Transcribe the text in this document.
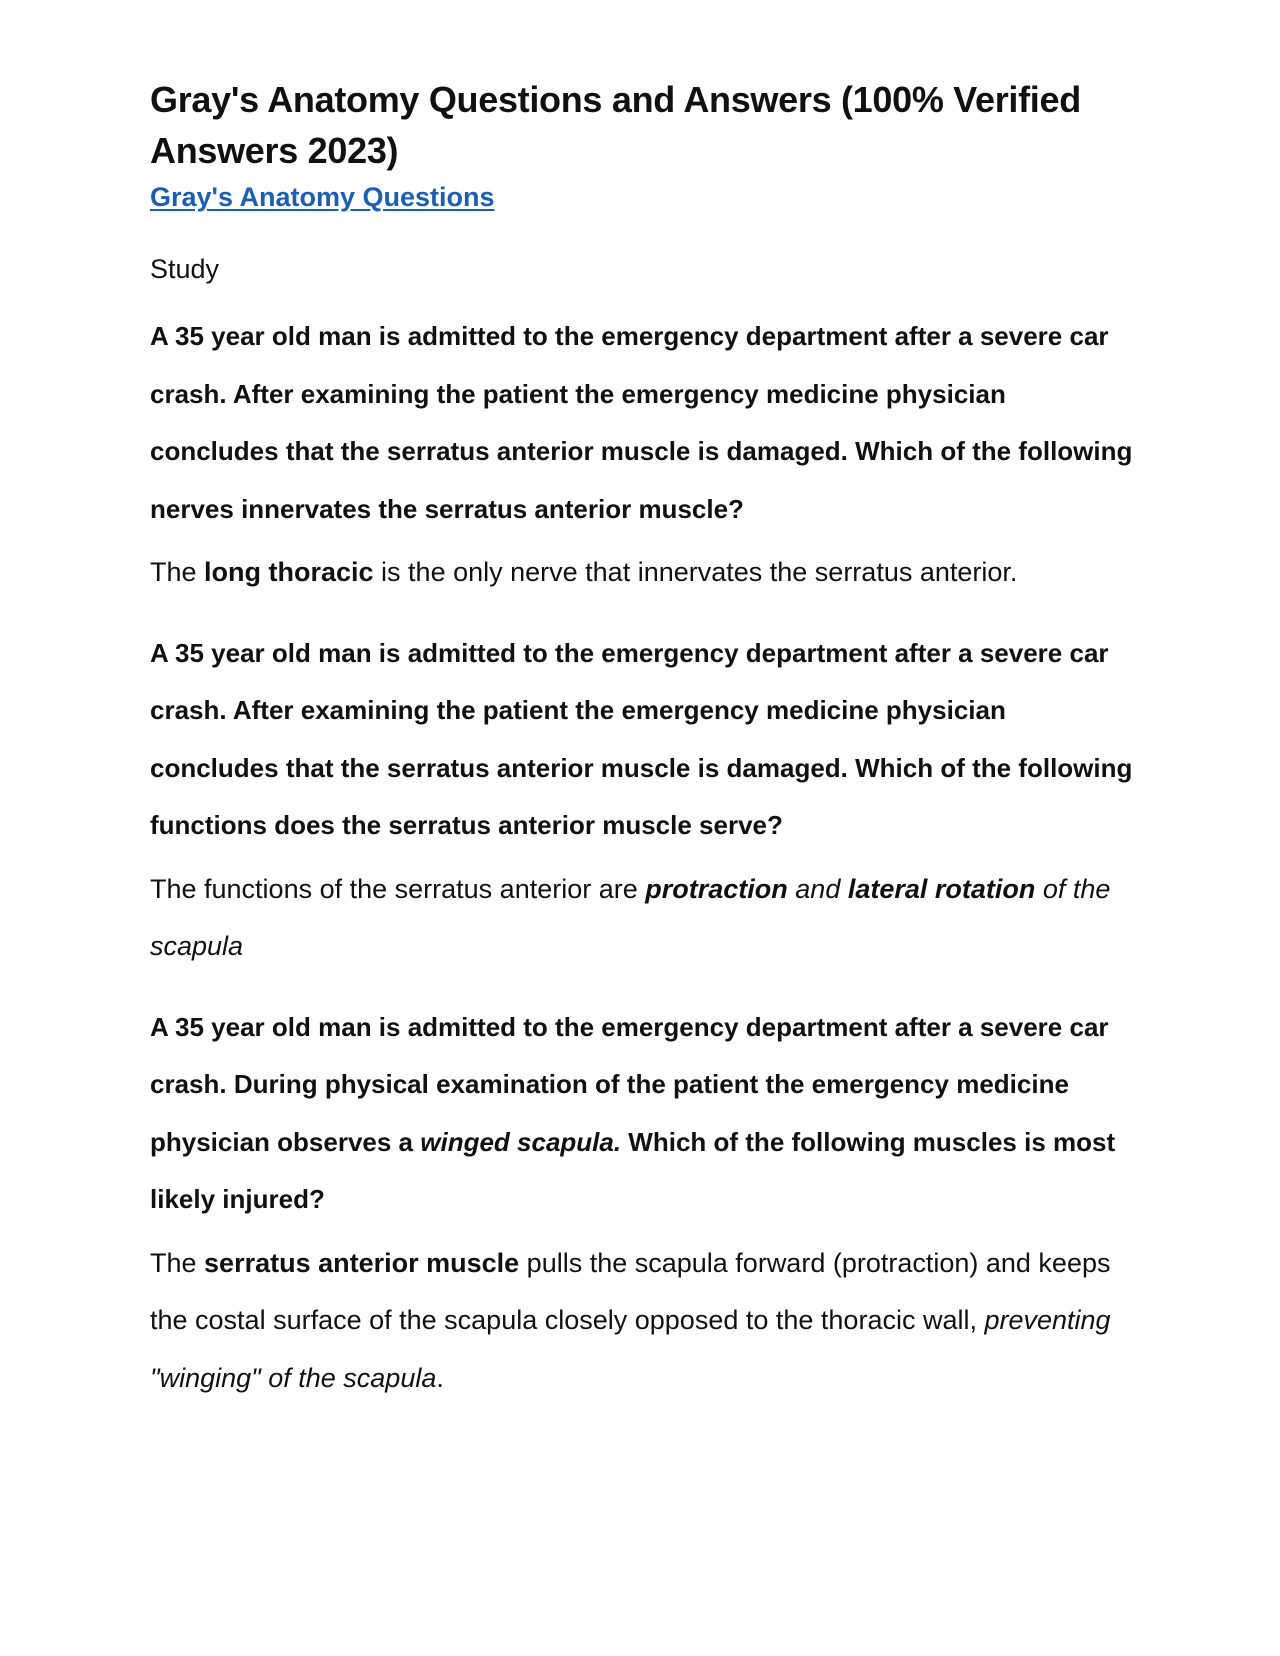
Gray's Anatomy Questions and Answers (100% Verified Answers 2023)
Gray's Anatomy Questions
Study
A 35 year old man is admitted to the emergency department after a severe car crash. After examining the patient the emergency medicine physician concludes that the serratus anterior muscle is damaged. Which of the following nerves innervates the serratus anterior muscle?
The long thoracic is the only nerve that innervates the serratus anterior.
A 35 year old man is admitted to the emergency department after a severe car crash. After examining the patient the emergency medicine physician concludes that the serratus anterior muscle is damaged. Which of the following functions does the serratus anterior muscle serve?
The functions of the serratus anterior are protraction and lateral rotation of the scapula
A 35 year old man is admitted to the emergency department after a severe car crash. During physical examination of the patient the emergency medicine physician observes a winged scapula. Which of the following muscles is most likely injured?
The serratus anterior muscle pulls the scapula forward (protraction) and keeps the costal surface of the scapula closely opposed to the thoracic wall, preventing "winging" of the scapula.
